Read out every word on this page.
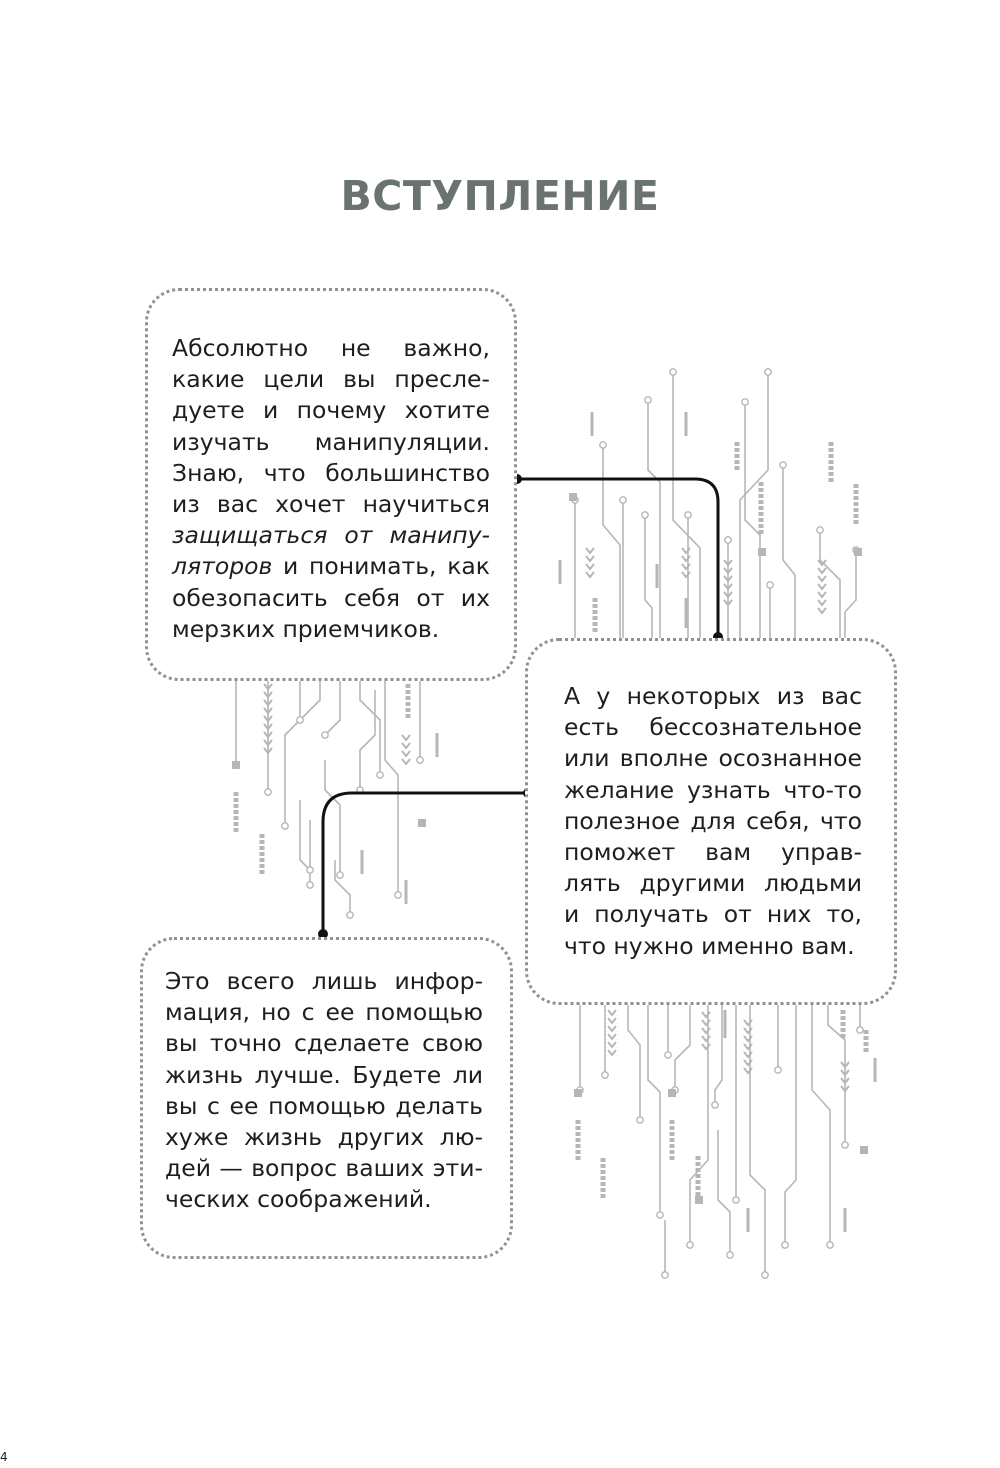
ВСТУПЛЕНИЕ

Абсолютно не важно,
какие цели вы пресле-
дуете и почему хотите
изучать манипуляции.
Знаю, что большинство
из вас хочет научиться
защищаться от манипу-
ляторов и понимать, как
обезопасить себя от их
мерзких приемчиков.

А у некоторых из вас
есть бессознательное
или вполне осознанное
желание узнать что-то
полезное для себя, что
поможет вам управ-
лять другими людьми
и получать от них то,
что нужно именно вам.

Это всего лишь инфор-
мация, но с ее помощью
вы точно сделаете свою
жизнь лучше. Будете ли
вы с ее помощью делать
хуже жизнь других лю-
дей — вопрос ваших эти-
ческих соображений.

4
